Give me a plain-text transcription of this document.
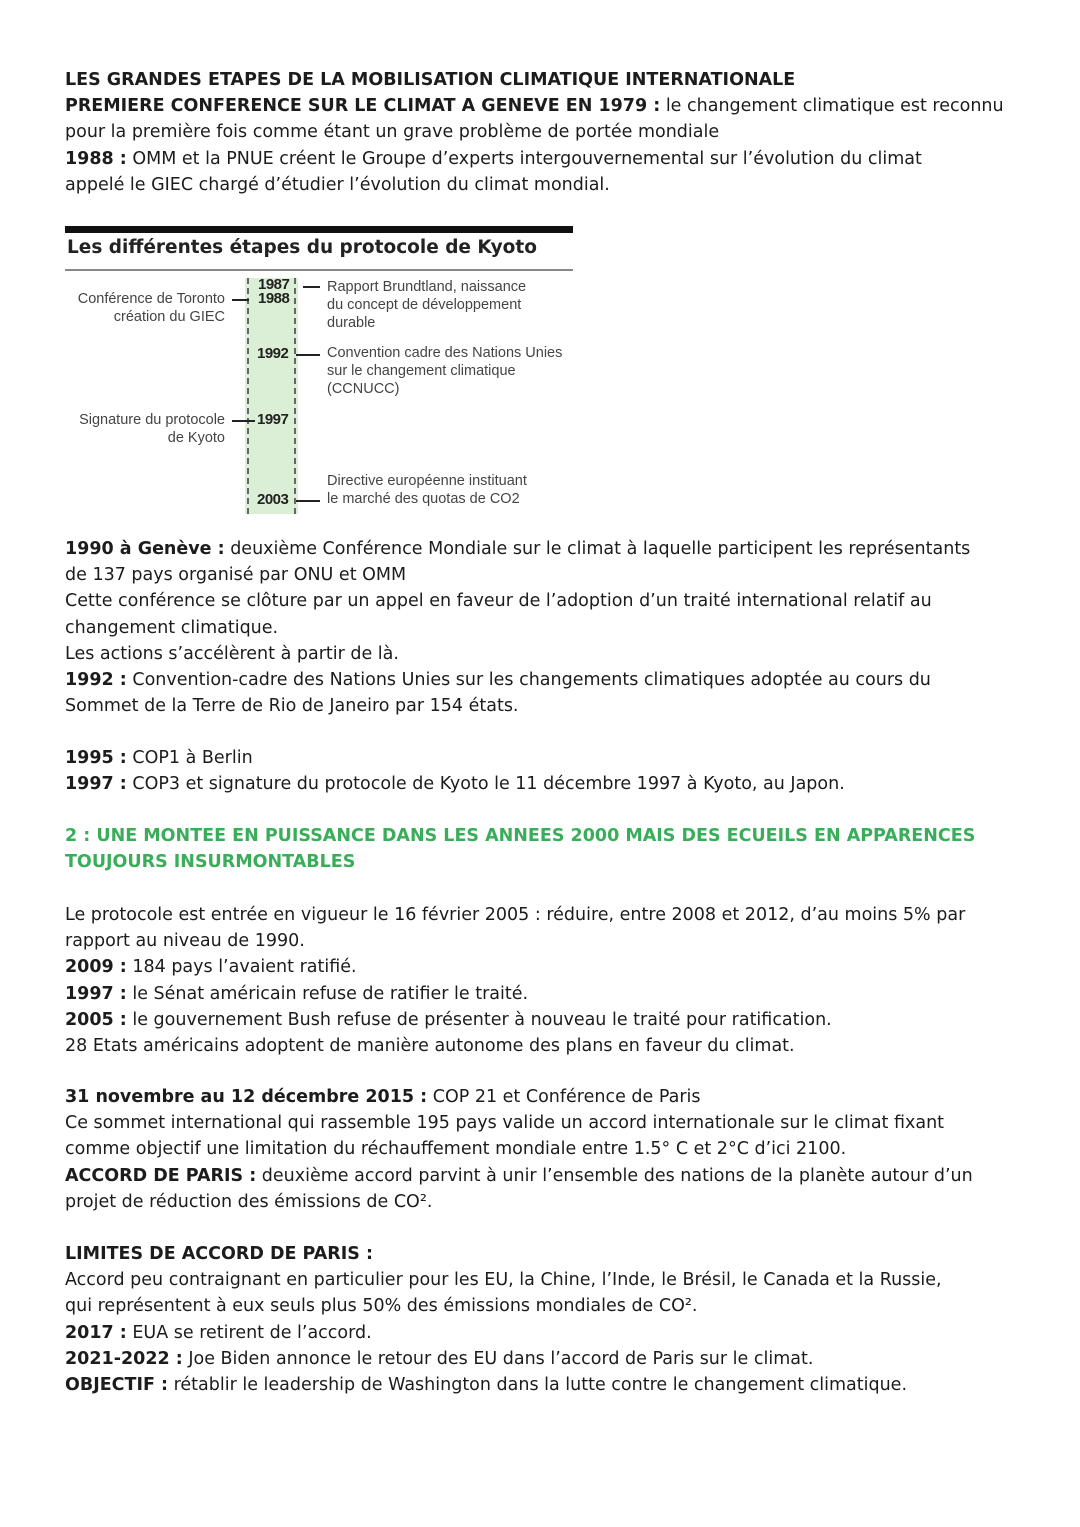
LES GRANDES ETAPES DE LA MOBILISATION CLIMATIQUE INTERNATIONALE
PREMIERE CONFERENCE SUR LE CLIMAT A GENEVE EN 1979 : le changement climatique est reconnu
pour la première fois comme étant un grave problème de portée mondiale
1988 : OMM et la PNUE créent le Groupe d’experts intergouvernemental sur l’évolution du climat
appelé le GIEC chargé d’étudier l’évolution du climat mondial.
Les différentes étapes du protocole de Kyoto
1987
1988
1992
1997
2003
Conférence de Toronto
création du GIEC
Signature du protocole
de Kyoto
Rapport Brundtland, naissance
du concept de développement
durable
Convention cadre des Nations Unies
sur le changement climatique
(CCNUCC)
Directive européenne instituant
le marché des quotas de CO2
1990 à Genève : deuxième Conférence Mondiale sur le climat à laquelle participent les représentants
de 137 pays organisé par ONU et OMM
Cette conférence se clôture par un appel en faveur de l’adoption d’un traité international relatif au
changement climatique.
Les actions s’accélèrent à partir de là.
1992 : Convention-cadre des Nations Unies sur les changements climatiques adoptée au cours du
Sommet de la Terre de Rio de Janeiro par 154 états.
1995 : COP1 à Berlin
1997 : COP3 et signature du protocole de Kyoto le 11 décembre 1997 à Kyoto, au Japon.
2 : UNE MONTEE EN PUISSANCE DANS LES ANNEES 2000 MAIS DES ECUEILS EN APPARENCES
TOUJOURS INSURMONTABLES
Le protocole est entrée en vigueur le 16 février 2005 : réduire, entre 2008 et 2012, d’au moins 5% par
rapport au niveau de 1990.
2009 : 184 pays l’avaient ratifié.
1997 : le Sénat américain refuse de ratifier le traité.
2005 : le gouvernement Bush refuse de présenter à nouveau le traité pour ratification.
28 Etats américains adoptent de manière autonome des plans en faveur du climat.
31 novembre au 12 décembre 2015 : COP 21 et Conférence de Paris
Ce sommet international qui rassemble 195 pays valide un accord internationale sur le climat fixant
comme objectif une limitation du réchauffement mondiale entre 1.5° C et 2°C d’ici 2100.
ACCORD DE PARIS : deuxième accord parvint à unir l’ensemble des nations de la planète autour d’un
projet de réduction des émissions de CO².
LIMITES DE ACCORD DE PARIS :
Accord peu contraignant en particulier pour les EU, la Chine, l’Inde, le Brésil, le Canada et la Russie,
qui représentent à eux seuls plus 50% des émissions mondiales de CO².
2017 : EUA se retirent de l’accord.
2021-2022 : Joe Biden annonce le retour des EU dans l’accord de Paris sur le climat.
OBJECTIF : rétablir le leadership de Washington dans la lutte contre le changement climatique.
